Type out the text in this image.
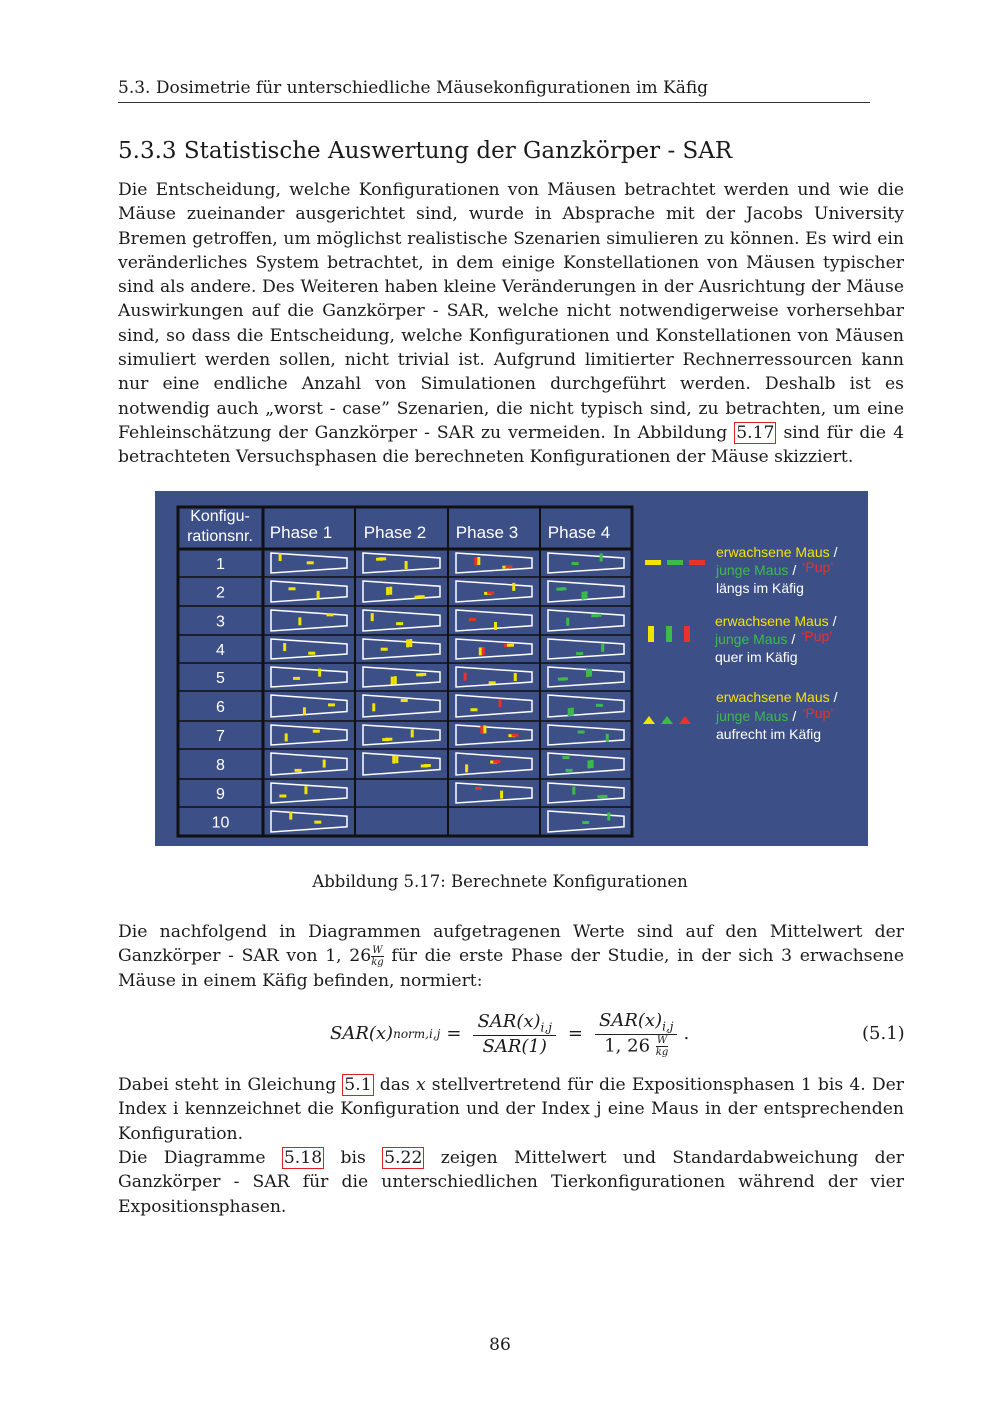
5.3. Dosimetrie für unterschiedliche Mäusekonfigurationen im Käfig
5.3.3 Statistische Auswertung der Ganzkörper - SAR

Die Entscheidung, welche Konfigurationen von Mäusen betrachtet werden und wie die Mäuse zueinander ausgerichtet sind, wurde in Absprache mit der Jacobs University Bremen getroffen, um möglichst realistische Szenarien simulieren zu können. Es wird ein veränderliches System betrachtet, in dem einige Konstellationen von Mäusen typischer sind als andere. Des Weiteren haben kleine Veränderungen in der Ausrichtung der Mäuse Auswirkungen auf die Ganzkörper - SAR, welche nicht notwendigerweise vorhersehbar sind, so dass die Entscheidung, welche Konfigurationen und Konstellationen von Mäusen simuliert werden sollen, nicht trivial ist. Aufgrund limitierter Rechnerressourcen kann nur eine endliche Anzahl von Simulationen durchgeführt werden. Deshalb ist es notwendig auch „worst - case” Szenarien, die nicht typisch sind, zu betrachten, um eine Fehleinschätzung der Ganzkörper - SAR zu vermeiden. In Abbildung 5.17 sind für die 4 betrachteten Versuchsphasen die berechneten Konfigurationen der Mäuse skizziert.

Konfigu-
rationsnr. Phase 1 Phase 2 Phase 3 Phase 4
1
2
3
4
5
6
7
8
9
10
erwachsene Maus /
junge Maus / ‘Pup’
längs im Käfig
erwachsene Maus /
junge Maus / ‘Pup’
quer im Käfig
erwachsene Maus /
junge Maus / ‘Pup’
aufrecht im Käfig
Abbildung 5.17: Berechnete Konfigurationen

Die nachfolgend in Diagrammen aufgetragenen Werte sind auf den Mittelwert der Ganzkörper - SAR von 1, $26 \frac{W}{kg}$ für die erste Phase der Studie, in der sich 3 erwachsene Mäuse in einem Käfig befinden, normiert:

SAR(x) norm,i,j = $\frac{SAR(x)_{i,j}}{\text{SAR(1)}} = \frac{SAR(x)_{i,j}}{1, 26 \frac{W}{kg}}$ .	(5.1)

Dabei steht in Gleichung 5.1 das x stellvertretend für die Expositionsphasen 1 bis 4. Der Index i kennzeichnet die Konfiguration und der Index j eine Maus in der entsprechenden Konfiguration.

Die Diagramme 5.18 bis 5.22 zeigen Mittelwert und Standardabweichung der Ganzkörper - SAR für die unterschiedlichen Tierkonfigurationen während der vier Expositionsphasen.

86
